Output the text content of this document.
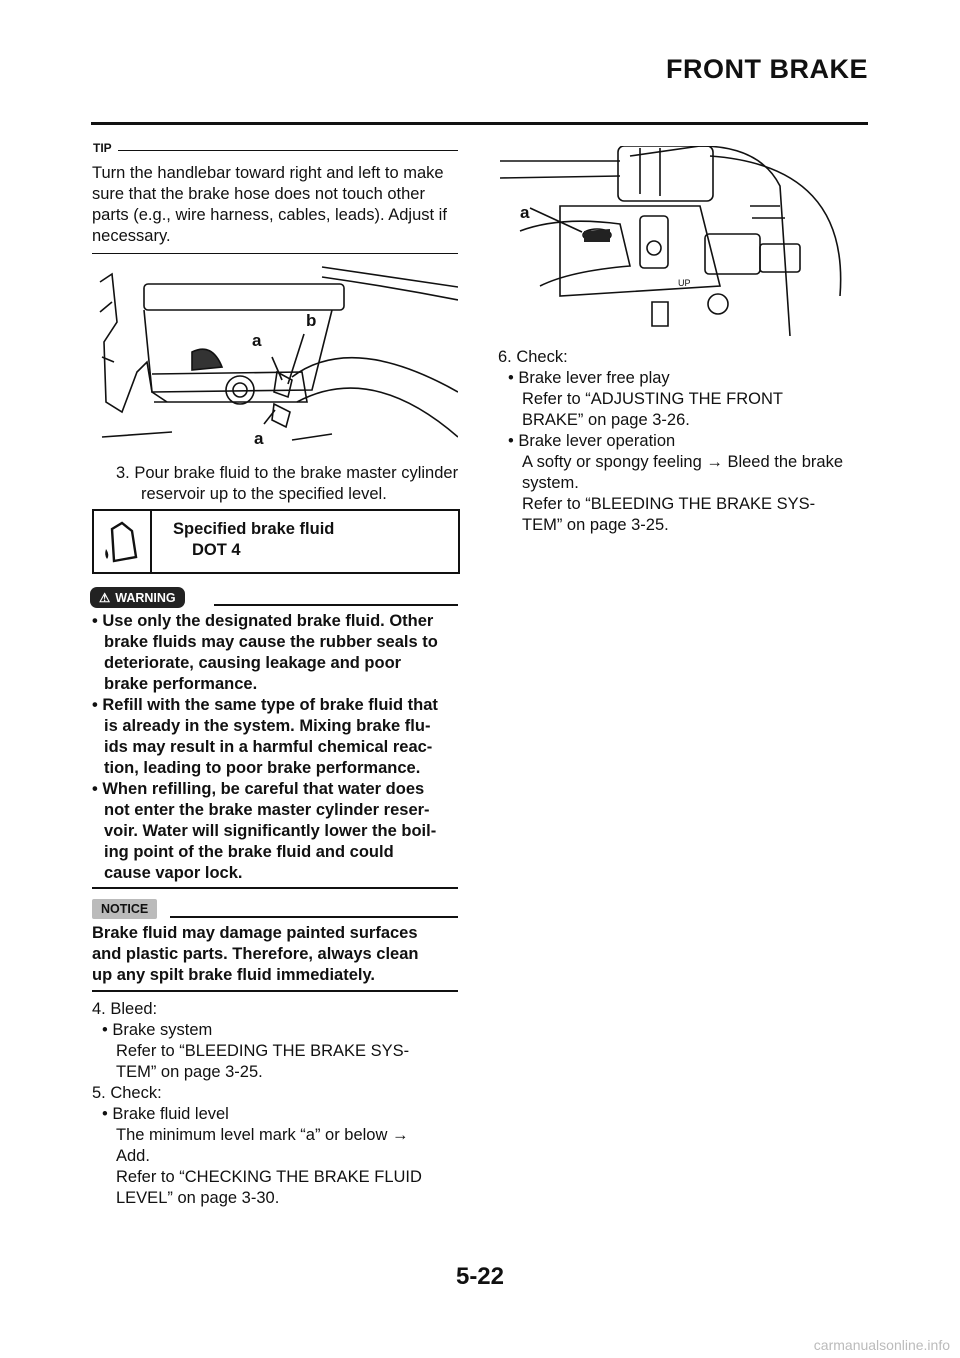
FRONT BRAKE
TIP
Turn the handlebar toward right and left to make sure that the brake hose does not touch other parts (e.g., wire harness, cables, leads). Adjust if necessary.
a
b
a
3. Pour brake fluid to the brake master cylinder
reservoir up to the specified level.
Specified brake fluid
DOT 4
⚠ WARNING
• Use only the designated brake fluid. Other
brake fluids may cause the rubber seals to
deteriorate, causing leakage and poor
brake performance.
• Refill with the same type of brake fluid that
is already in the system. Mixing brake flu-
ids may result in a harmful chemical reac-
tion, leading to poor brake performance.
• When refilling, be careful that water does
not enter the brake master cylinder reser-
voir. Water will significantly lower the boil-
ing point of the brake fluid and could
cause vapor lock.
NOTICE
Brake fluid may damage painted surfaces
and plastic parts. Therefore, always clean
up any spilt brake fluid immediately.
4. Bleed:
• Brake system
Refer to “BLEEDING THE BRAKE SYS-
TEM” on page 3-25.
5. Check:
• Brake fluid level
The minimum level mark “a” or below →
Add.
Refer to “CHECKING THE BRAKE FLUID
LEVEL” on page 3-30.
UP
a
6. Check:
• Brake lever free play
Refer to “ADJUSTING THE FRONT
BRAKE” on page 3-26.
• Brake lever operation
A softy or spongy feeling → Bleed the brake
system.
Refer to “BLEEDING THE BRAKE SYS-
TEM” on page 3-25.
5-22
carmanualsonline.info
